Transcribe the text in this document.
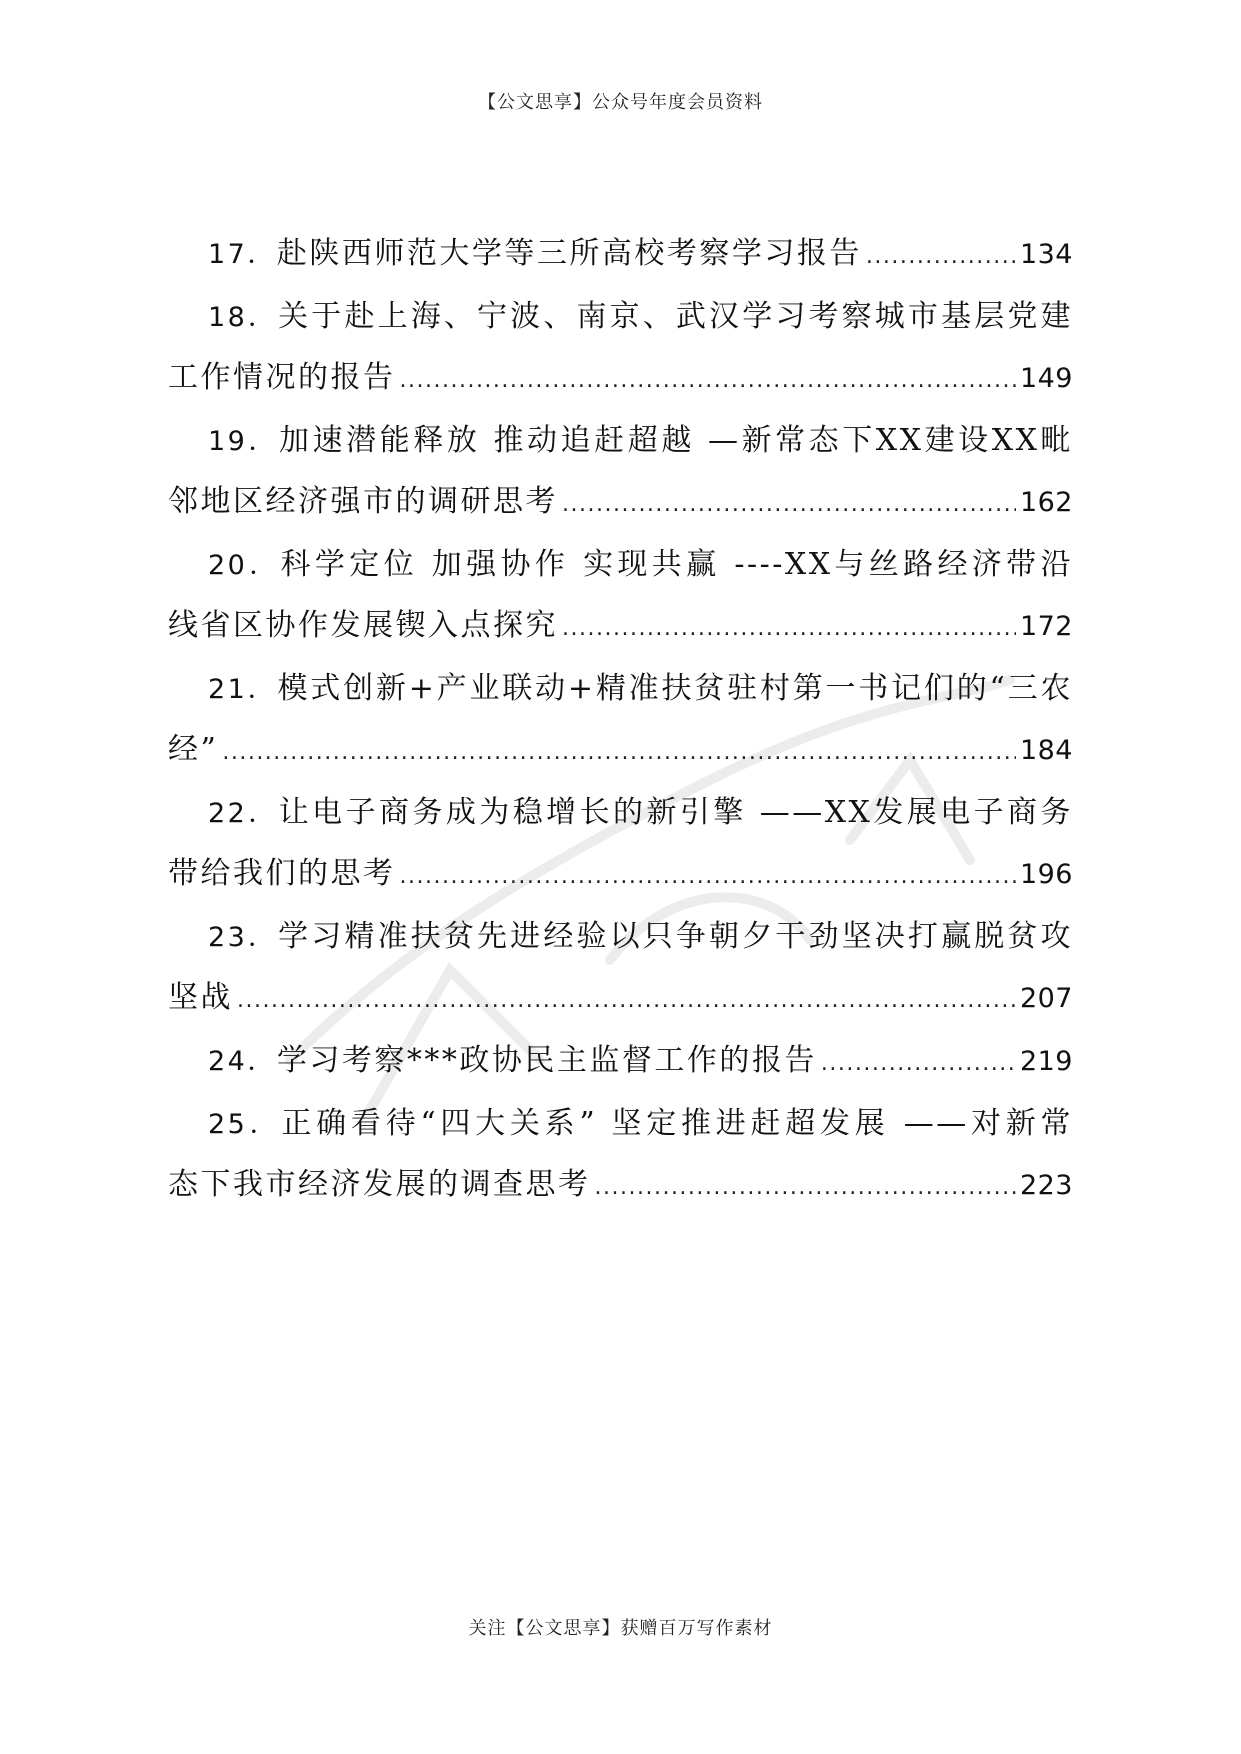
【公文思享】公众号年度会员资料
17．赴陕西师范大学等三所高校考察学习报告 .....	134
18．关于赴上海、宁波、南京、武汉学习考察城市基层党建
工作情况的报告 .....	149
19．加速潜能释放 推动追赶超越 —新常态下XX建设XX毗
邻地区经济强市的调研思考 .....	162
20．科学定位 加强协作 实现共赢 ----XX与丝路经济带沿
线省区协作发展锲入点探究 .....	172
21．模式创新+产业联动+精准扶贫驻村第一书记们的“三农
经” .....	184
22．让电子商务成为稳增长的新引擎 ——XX发展电子商务
带给我们的思考 .....	196
23．学习精准扶贫先进经验以只争朝夕干劲坚决打赢脱贫攻
坚战 .....	207
24．学习考察***政协民主监督工作的报告 .....	219
25．正确看待“四大关系” 坚定推进赶超发展 ——对新常
态下我市经济发展的调查思考 .....	223
关注【公文思享】获赠百万写作素材
